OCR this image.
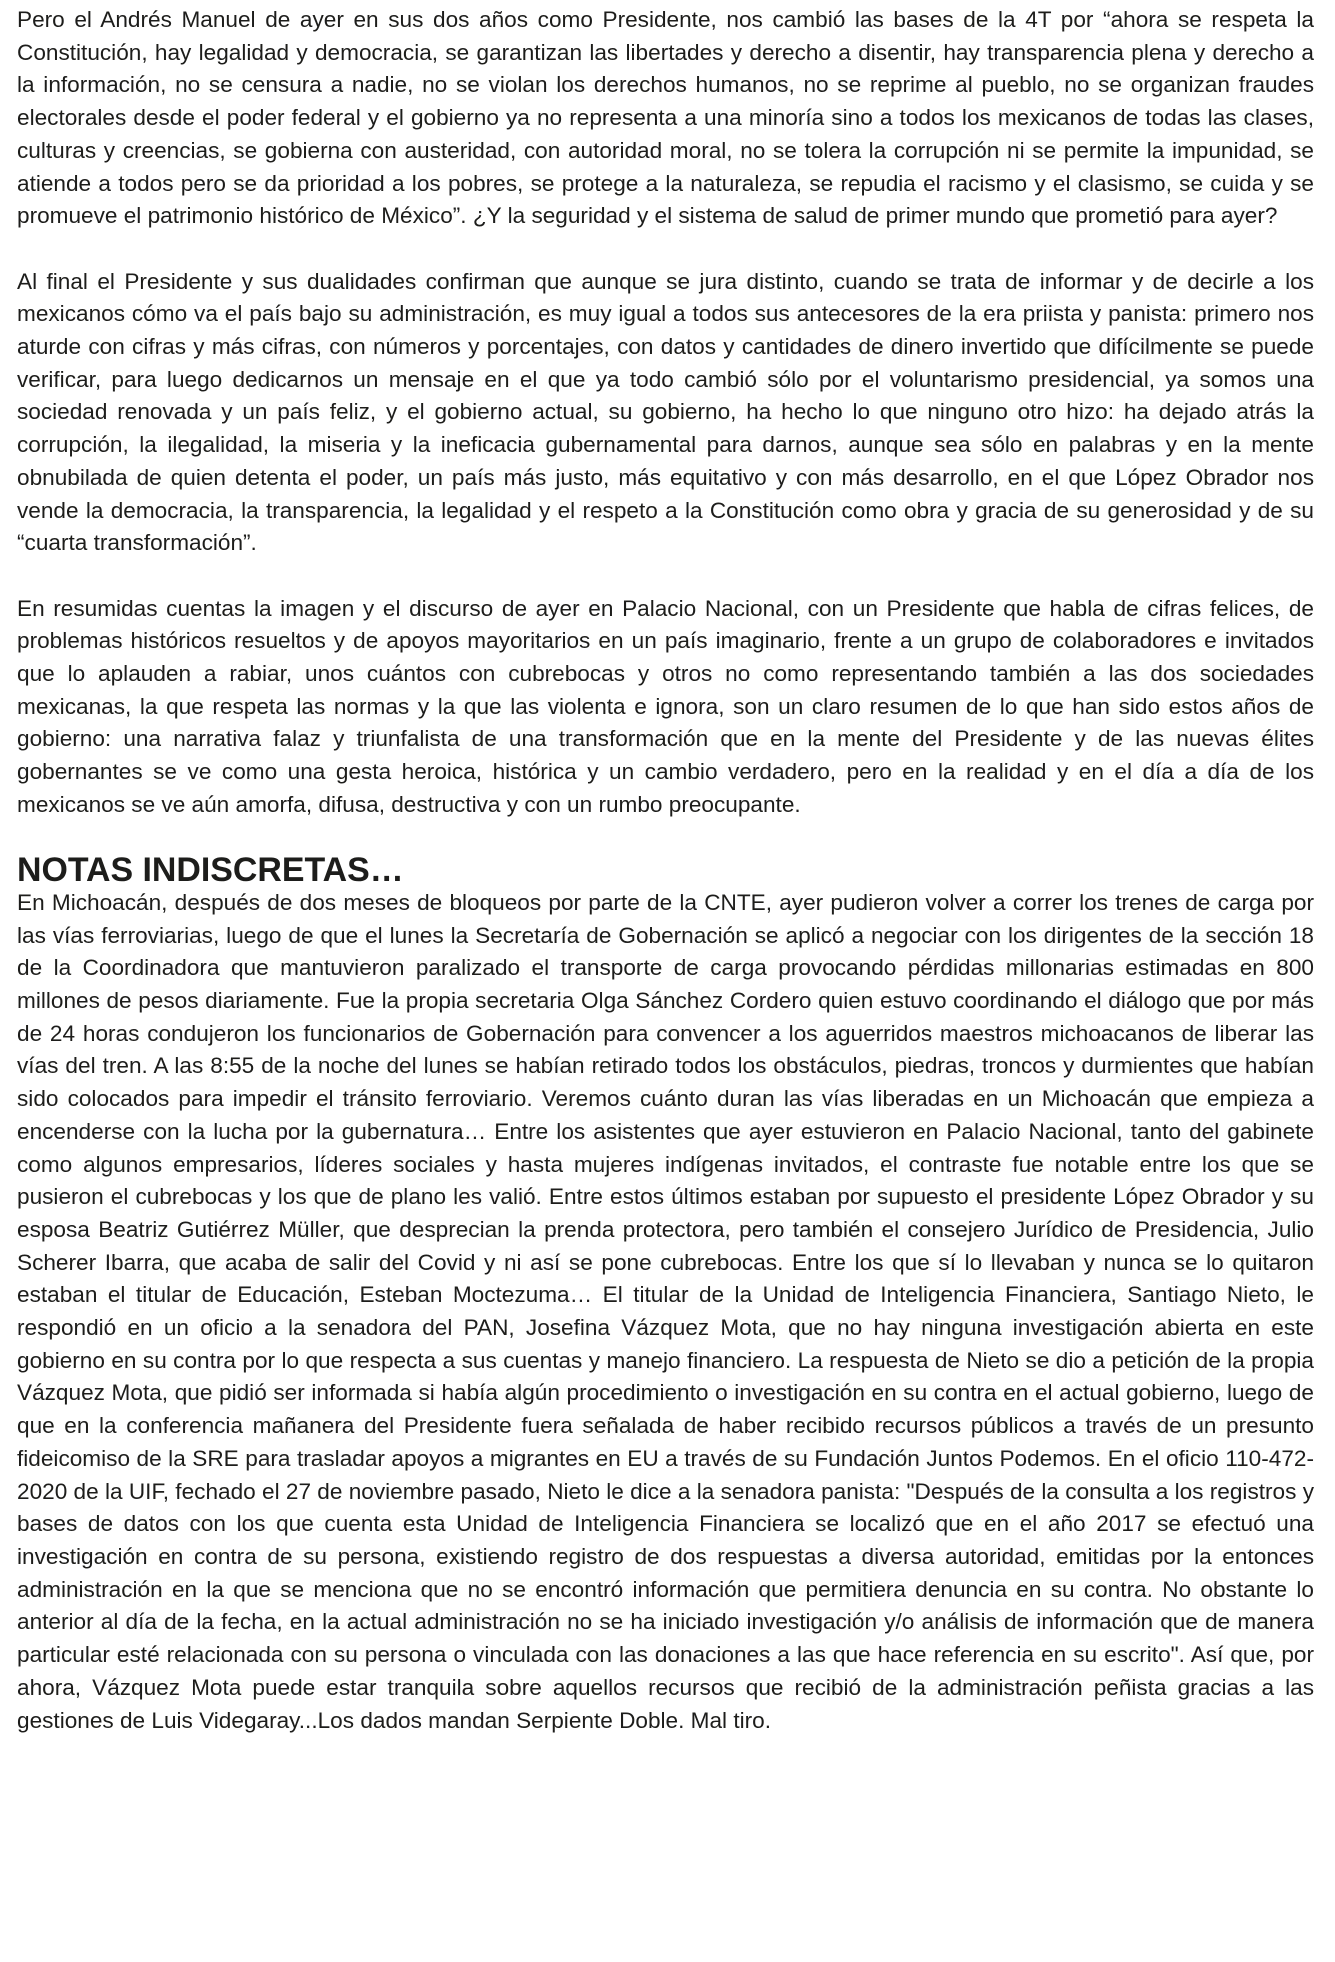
Pero el Andrés Manuel de ayer en sus dos años como Presidente, nos cambió las bases de la 4T por “ahora se respeta la Constitución, hay legalidad y democracia, se garantizan las libertades y derecho a disentir, hay transparencia plena y derecho a la información, no se censura a nadie, no se violan los derechos humanos, no se reprime al pueblo, no se organizan fraudes electorales desde el poder federal y el gobierno ya no representa a una minoría sino a todos los mexicanos de todas las clases, culturas y creencias, se gobierna con austeridad, con autoridad moral, no se tolera la corrupción ni se permite la impunidad, se atiende a todos pero se da prioridad a los pobres, se protege a la naturaleza, se repudia el racismo y el clasismo, se cuida y se promueve el patrimonio histórico de México”. ¿Y la seguridad y el sistema de salud de primer mundo que prometió para ayer?

Al final el Presidente y sus dualidades confirman que aunque se jura distinto, cuando se trata de informar y de decirle a los mexicanos cómo va el país bajo su administración, es muy igual a todos sus antecesores de la era priista y panista: primero nos aturde con cifras y más cifras, con números y porcentajes, con datos y cantidades de dinero invertido que difícilmente se puede verificar, para luego dedicarnos un mensaje en el que ya todo cambió sólo por el voluntarismo presidencial, ya somos una sociedad renovada y un país feliz, y el gobierno actual, su gobierno, ha hecho lo que ninguno otro hizo: ha dejado atrás la corrupción, la ilegalidad, la miseria y la ineficacia gubernamental para darnos, aunque sea sólo en palabras y en la mente obnubilada de quien detenta el poder, un país más justo, más equitativo y con más desarrollo, en el que López Obrador nos vende la democracia, la transparencia, la legalidad y el respeto a la Constitución como obra y gracia de su generosidad y de su “cuarta transformación”.

En resumidas cuentas la imagen y el discurso de ayer en Palacio Nacional, con un Presidente que habla de cifras felices, de problemas históricos resueltos y de apoyos mayoritarios en un país imaginario, frente a un grupo de colaboradores e invitados que lo aplauden a rabiar, unos cuántos con cubrebocas y otros no como representando también a las dos sociedades mexicanas, la que respeta las normas y la que las violenta e ignora, son un claro resumen de lo que han sido estos años de gobierno: una narrativa falaz y triunfalista de una transformación que en la mente del Presidente y de las nuevas élites gobernantes se ve como una gesta heroica, histórica y un cambio verdadero, pero en la realidad y en el día a día de los mexicanos se ve aún amorfa, difusa, destructiva y con un rumbo preocupante.

NOTAS INDISCRETAS…

En Michoacán, después de dos meses de bloqueos por parte de la CNTE, ayer pudieron volver a correr los trenes de carga por las vías ferroviarias, luego de que el lunes la Secretaría de Gobernación se aplicó a negociar con los dirigentes de la sección 18 de la Coordinadora que mantuvieron paralizado el transporte de carga provocando pérdidas millonarias estimadas en 800 millones de pesos diariamente. Fue la propia secretaria Olga Sánchez Cordero quien estuvo coordinando el diálogo que por más de 24 horas condujeron los funcionarios de Gobernación para convencer a los aguerridos maestros michoacanos de liberar las vías del tren. A las 8:55 de la noche del lunes se habían retirado todos los obstáculos, piedras, troncos y durmientes que habían sido colocados para impedir el tránsito ferroviario. Veremos cuánto duran las vías liberadas en un Michoacán que empieza a encenderse con la lucha por la gubernatura… Entre los asistentes que ayer estuvieron en Palacio Nacional, tanto del gabinete como algunos empresarios, líderes sociales y hasta mujeres indígenas invitados, el contraste fue notable entre los que se pusieron el cubrebocas y los que de plano les valió. Entre estos últimos estaban por supuesto el presidente López Obrador y su esposa Beatriz Gutiérrez Müller, que desprecian la prenda protectora, pero también el consejero Jurídico de Presidencia, Julio Scherer Ibarra, que acaba de salir del Covid y ni así se pone cubrebocas. Entre los que sí lo llevaban y nunca se lo quitaron estaban el titular de Educación, Esteban Moctezuma… El titular de la Unidad de Inteligencia Financiera, Santiago Nieto, le respondió en un oficio a la senadora del PAN, Josefina Vázquez Mota, que no hay ninguna investigación abierta en este gobierno en su contra por lo que respecta a sus cuentas y manejo financiero. La respuesta de Nieto se dio a petición de la propia Vázquez Mota, que pidió ser informada si había algún procedimiento o investigación en su contra en el actual gobierno, luego de que en la conferencia mañanera del Presidente fuera señalada de haber recibido recursos públicos a través de un presunto fideicomiso de la SRE para trasladar apoyos a migrantes en EU a través de su Fundación Juntos Podemos. En el oficio 110-472-2020 de la UIF, fechado el 27 de noviembre pasado, Nieto le dice a la senadora panista: "Después de la consulta a los registros y bases de datos con los que cuenta esta Unidad de Inteligencia Financiera se localizó que en el año 2017 se efectuó una investigación en contra de su persona, existiendo registro de dos respuestas a diversa autoridad, emitidas por la entonces administración en la que se menciona que no se encontró información que permitiera denuncia en su contra. No obstante lo anterior al día de la fecha, en la actual administración no se ha iniciado investigación y/o análisis de información que de manera particular esté relacionada con su persona o vinculada con las donaciones a las que hace referencia en su escrito". Así que, por ahora, Vázquez Mota puede estar tranquila sobre aquellos recursos que recibió de la administración peñista gracias a las gestiones de Luis Videgaray...Los dados mandan Serpiente Doble. Mal tiro.
